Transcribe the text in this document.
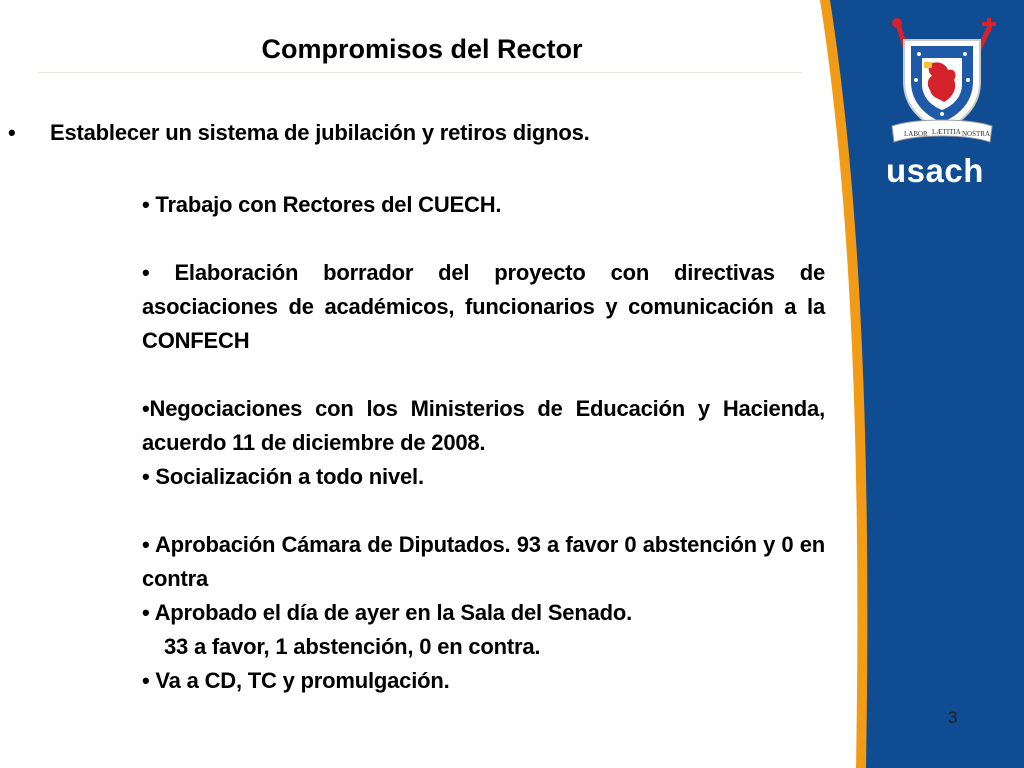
LABOR LÆTITIA NOSTRA
usach
Compromisos del Rector
• Establecer un sistema de jubilación y retiros dignos.

• Trabajo con Rectores del CUECH.

• Elaboración borrador del proyecto con directivas de asociaciones de académicos, funcionarios y comunicación a la CONFECH

•Negociaciones con los Ministerios de Educación y Hacienda, acuerdo 11 de diciembre de 2008.

• Socialización a todo nivel.

• Aprobación Cámara de Diputados. 93 a favor 0 abstención y 0 en contra

• Aprobado el día de ayer en la Sala del Senado.

33 a favor, 1 abstención, 0 en contra.

• Va a CD, TC y promulgación.

3
